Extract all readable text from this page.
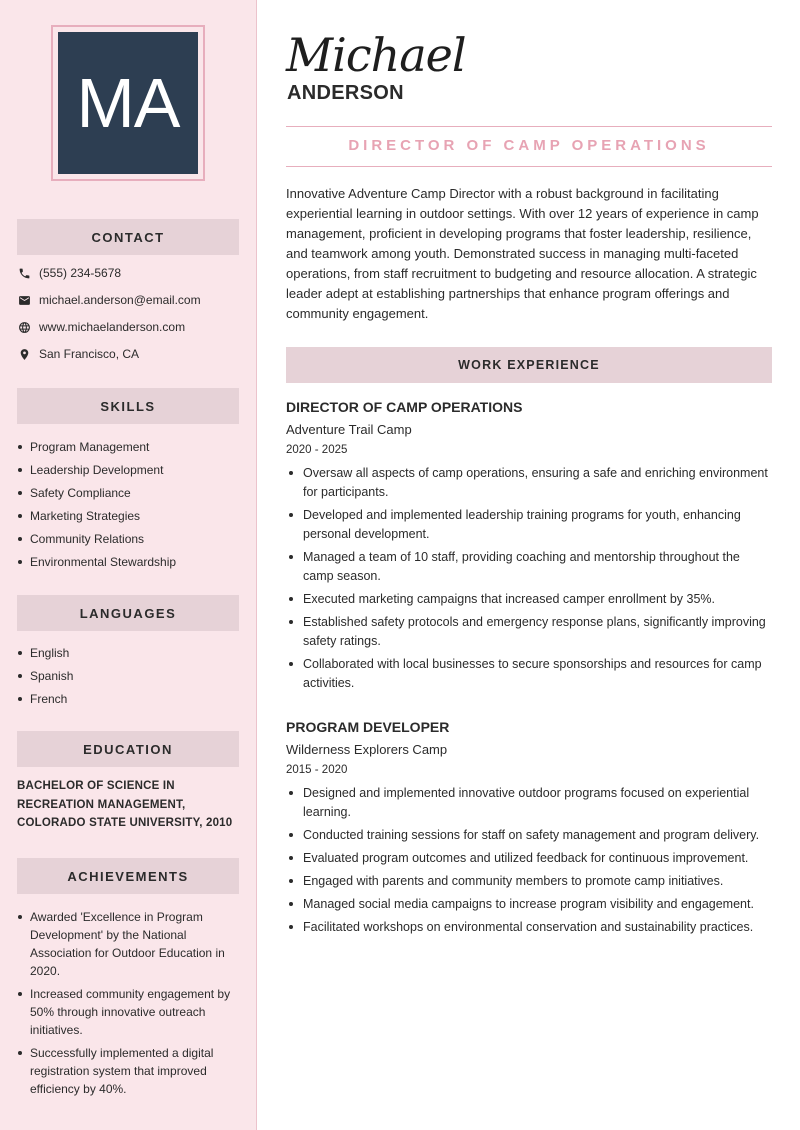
MA
CONTACT
(555) 234-5678
michael.anderson@email.com
www.michaelanderson.com
San Francisco, CA
SKILLS
Program Management
Leadership Development
Safety Compliance
Marketing Strategies
Community Relations
Environmental Stewardship
LANGUAGES
English
Spanish
French
EDUCATION
BACHELOR OF SCIENCE IN RECREATION MANAGEMENT, COLORADO STATE UNIVERSITY, 2010
ACHIEVEMENTS
Awarded 'Excellence in Program Development' by the National Association for Outdoor Education in 2020.
Increased community engagement by 50% through innovative outreach initiatives.
Successfully implemented a digital registration system that improved efficiency by 40%.
Michael
ANDERSON
DIRECTOR OF CAMP OPERATIONS
Innovative Adventure Camp Director with a robust background in facilitating experiential learning in outdoor settings. With over 12 years of experience in camp management, proficient in developing programs that foster leadership, resilience, and teamwork among youth. Demonstrated success in managing multi-faceted operations, from staff recruitment to budgeting and resource allocation. A strategic leader adept at establishing partnerships that enhance program offerings and community engagement.
WORK EXPERIENCE
DIRECTOR OF CAMP OPERATIONS
Adventure Trail Camp
2020 - 2025
Oversaw all aspects of camp operations, ensuring a safe and enriching environment for participants.
Developed and implemented leadership training programs for youth, enhancing personal development.
Managed a team of 10 staff, providing coaching and mentorship throughout the camp season.
Executed marketing campaigns that increased camper enrollment by 35%.
Established safety protocols and emergency response plans, significantly improving safety ratings.
Collaborated with local businesses to secure sponsorships and resources for camp activities.
PROGRAM DEVELOPER
Wilderness Explorers Camp
2015 - 2020
Designed and implemented innovative outdoor programs focused on experiential learning.
Conducted training sessions for staff on safety management and program delivery.
Evaluated program outcomes and utilized feedback for continuous improvement.
Engaged with parents and community members to promote camp initiatives.
Managed social media campaigns to increase program visibility and engagement.
Facilitated workshops on environmental conservation and sustainability practices.
